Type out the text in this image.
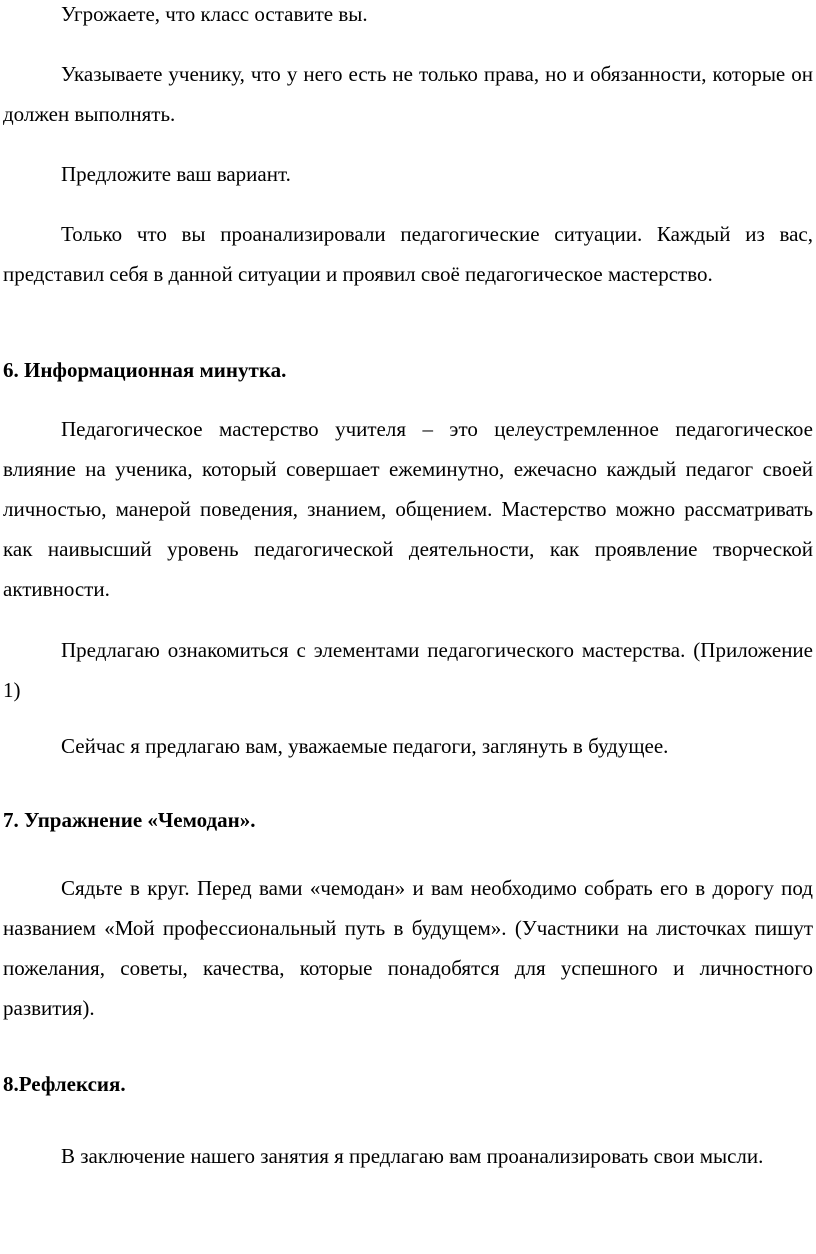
Угрожаете, что класс оставите вы.

Указываете ученику, что у него есть не только права, но и обязанности, которые он должен выполнять.

Предложите ваш вариант.

Только что вы проанализировали педагогические ситуации. Каждый из вас, представил себя в данной ситуации и проявил своё педагогическое мастерство.

6. Информационная минутка.

Педагогическое мастерство учителя – это целеустремленное педагогическое влияние на ученика, который совершает ежеминутно, ежечасно каждый педагог своей личностью, манерой поведения, знанием, общением. Мастерство можно рассматривать как наивысший уровень педагогической деятельности, как проявление творческой активности.

Предлагаю ознакомиться с элементами педагогического мастерства. (Приложение 1)

Сейчас я предлагаю вам, уважаемые педагоги, заглянуть в будущее.

7. Упражнение «Чемодан».

Сядьте в круг. Перед вами «чемодан» и вам необходимо собрать его в дорогу под названием «Мой профессиональный путь в будущем». (Участники на листочках пишут пожелания, советы, качества, которые понадобятся для успешного и личностного развития).

8.Рефлексия.

В заключение нашего занятия я предлагаю вам проанализировать свои мысли.
